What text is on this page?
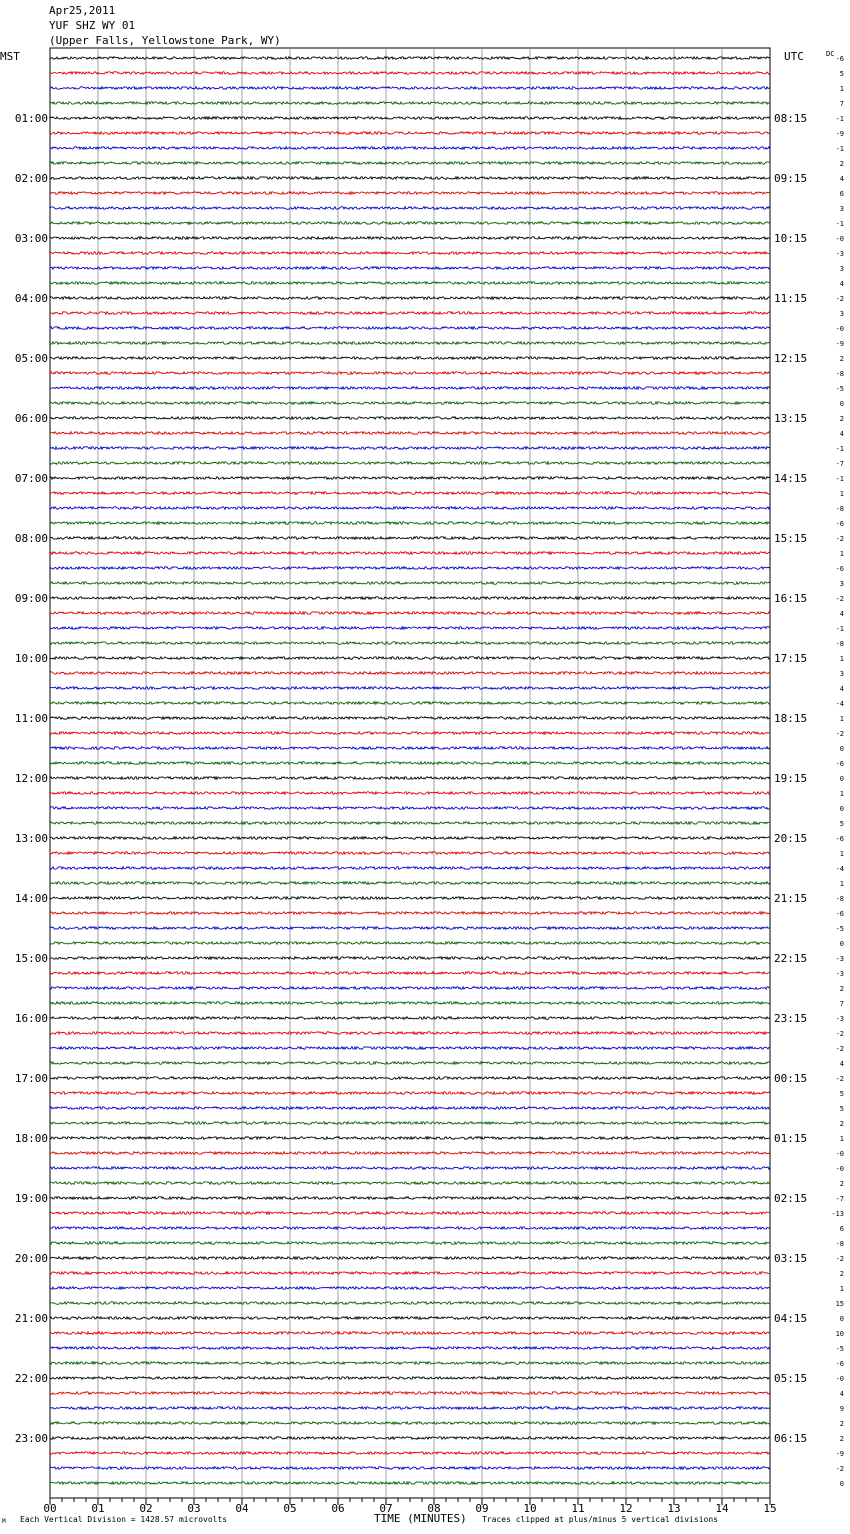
Apr25,2011
YUF SHZ WY 01
(Upper Falls, Yellowstone Park, WY)
MST	UTC	DC
01:00
02:00
03:00
04:00
05:00
06:00
07:00
08:00
09:00
10:00
11:00
12:00
13:00
14:00
15:00
16:00
17:00
18:00
19:00
20:00
21:00
22:00
23:00
08:15
09:15
10:15
11:15
12:15
13:15
14:15
15:15
16:15
17:15
18:15
19:15
20:15
21:15
22:15
23:15
00:15
01:15
02:15
03:15
04:15
05:15
06:15
-6
5
1
7
-1
-9
-1
2
4
6
3
-1
-0
-3
3
4
-2
3
-0
-9
2
-8
-5
0
2
4
-1
-7
-1
1
-8
-6
-2
1
-6
3
-2
4
-1
-8
1
3
4
-4
1
-2
0
-6
0
1
0
5
-6
1
-4
1
-8
-6
-5
0
-3
-3
2
7
-3
-2
-2
4
-2
5
5
2
1
-0
-0
2
-7
-13
6
-8
-2
2
1
15
0
10
-5
-6
-0
4
9
2
2
-9
-2
0
00	01	02	03	04	05	06	07	08	09	10	11	12	13	14	15
M Each Vertical Division = 1428.57 microvolts	TIME (MINUTES) Traces clipped at plus/minus 5 vertical divisions
